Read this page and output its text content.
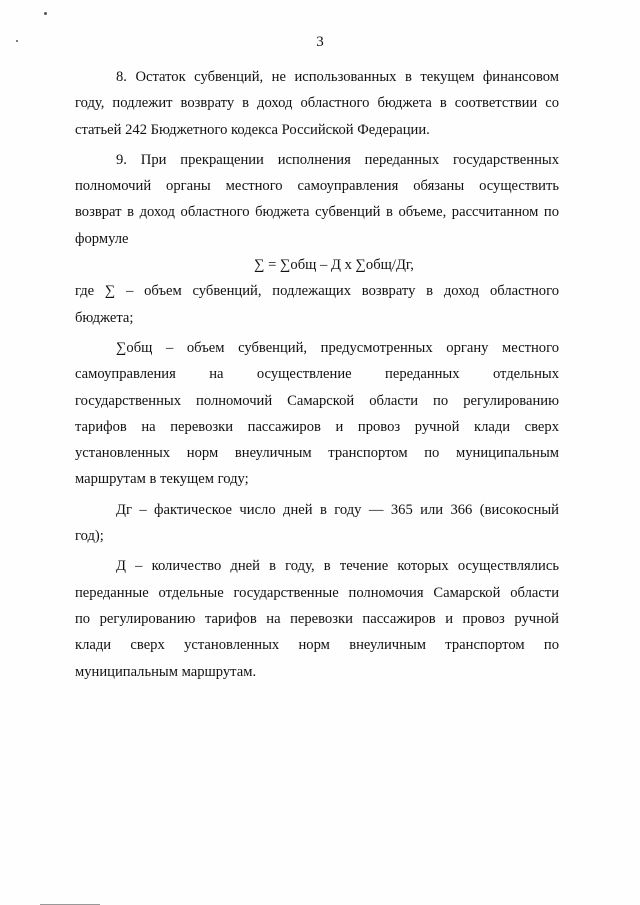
3
8. Остаток субвенций, не использованных в текущем финансовом
году, подлежит возврату в доход областного бюджета в соответствии со
статьей 242 Бюджетного кодекса Российской Федерации.
9. При прекращении исполнения переданных государственных
полномочий органы местного самоуправления обязаны осуществить
возврат в доход областного бюджета субвенций в объеме, рассчитанном по
формуле
∑ = ∑общ – Д х ∑общ/Дг,
где ∑ – объем субвенций, подлежащих возврату в доход областного
бюджета;
∑общ – объем субвенций, предусмотренных органу местного
самоуправления на осуществление переданных отдельных
государственных полномочий Самарской области по регулированию
тарифов на перевозки пассажиров и провоз ручной клади сверх
установленных норм внеуличным транспортом по муниципальным
маршрутам в текущем году;
Дг – фактическое число дней в году — 365 или 366 (високосный
год);
Д – количество дней в году, в течение которых осуществлялись
переданные отдельные государственные полномочия Самарской области
по регулированию тарифов на перевозки пассажиров и провоз ручной
клади сверх установленных норм внеуличным транспортом по
муниципальным маршрутам.
